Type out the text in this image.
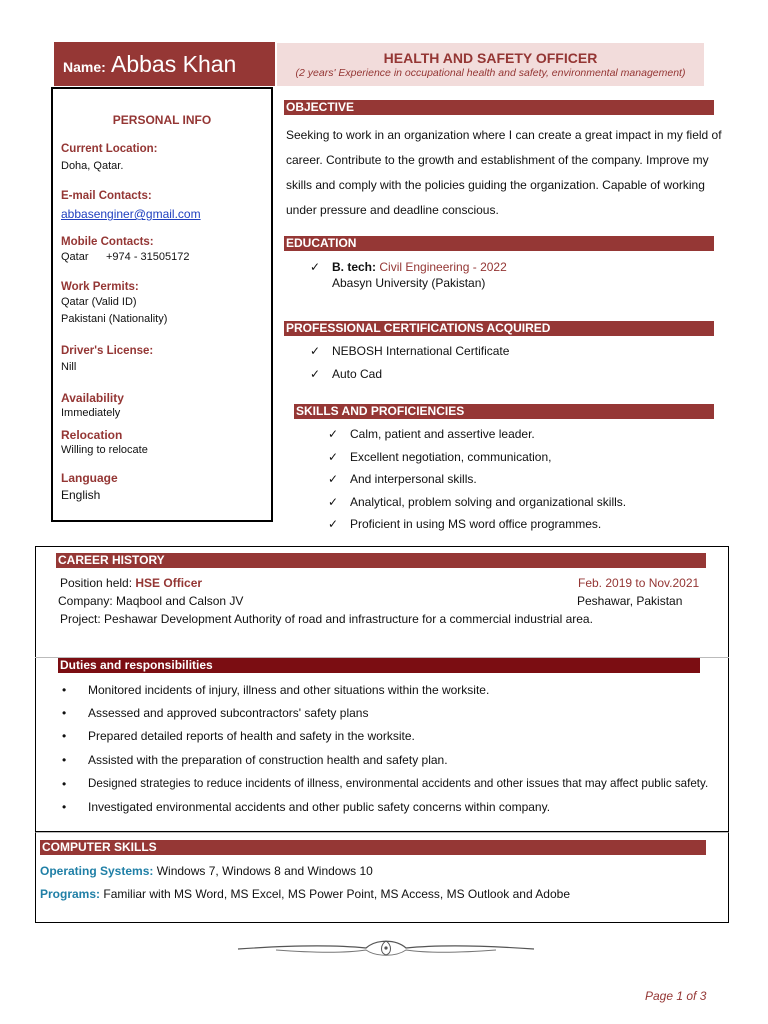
Name: Abbas Khan	HEALTH AND SAFETY OFFICER
(2 years' Experience in occupational health and safety, environmental management)
PERSONAL INFO
Current Location:
Doha, Qatar.
E-mail Contacts:
abbasenginer@gmail.com
Mobile Contacts:
Qatar +974 - 31505172
Work Permits:
Qatar (Valid ID)
Pakistani (Nationality)
Driver's License:
Nill
Availability
Immediately
Relocation
Willing to relocate
Language
English
OBJECTIVE
Seeking to work in an organization where I can create a great impact in my field of
career. Contribute to the growth and establishment of the company. Improve my
skills and comply with the policies guiding the organization. Capable of working
under pressure and deadline conscious.
EDUCATION
✓ B. tech: Civil Engineering - 2022
Abasyn University (Pakistan)
PROFESSIONAL CERTIFICATIONS ACQUIRED
✓ NEBOSH International Certificate
✓ Auto Cad
SKILLS AND PROFICIENCIES
✓ Calm, patient and assertive leader.
✓ Excellent negotiation, communication,
✓ And interpersonal skills.
✓ Analytical, problem solving and organizational skills.
✓ Proficient in using MS word office programmes.
CAREER HISTORY
Position held: HSE Officer	Feb. 2019 to Nov.2021
Company: Maqbool and Calson JV	Peshawar, Pakistan
Project: Peshawar Development Authority of road and infrastructure for a commercial industrial area.
Duties and responsibilities
• Monitored incidents of injury, illness and other situations within the worksite.
• Assessed and approved subcontractors' safety plans
• Prepared detailed reports of health and safety in the worksite.
• Assisted with the preparation of construction health and safety plan.
• Designed strategies to reduce incidents of illness, environmental accidents and other issues that may affect public safety.
• Investigated environmental accidents and other public safety concerns within company.
COMPUTER SKILLS
Operating Systems: Windows 7, Windows 8 and Windows 10
Programs: Familiar with MS Word, MS Excel, MS Power Point, MS Access, MS Outlook and Adobe
Page 1 of 3
